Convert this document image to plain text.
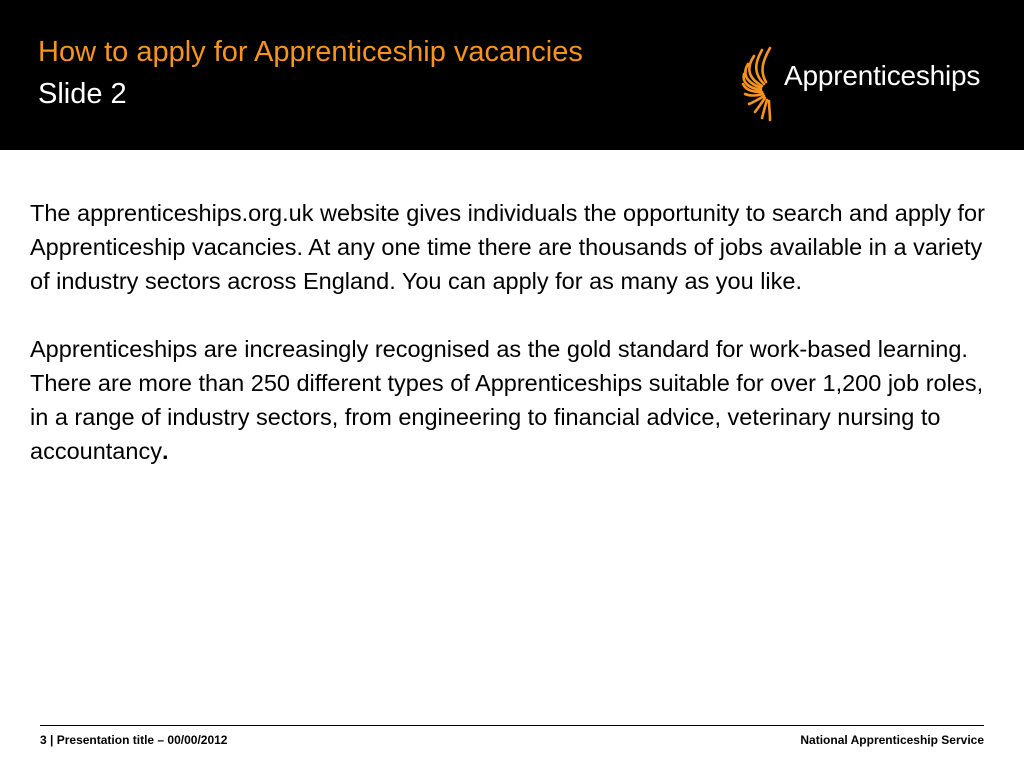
How to apply for Apprenticeship vacancies
Slide 2
Apprenticeships

The apprenticeships.org.uk website gives individuals the opportunity to search and apply for Apprenticeship vacancies. At any one time there are thousands of jobs available in a variety of industry sectors across England. You can apply for as many as you like.

Apprenticeships are increasingly recognised as the gold standard for work-based learning. There are more than 250 different types of Apprenticeships suitable for over 1,200 job roles, in a range of industry sectors, from engineering to financial advice, veterinary nursing to accountancy.

3 | Presentation title – 00/00/2012	National Apprenticeship Service
